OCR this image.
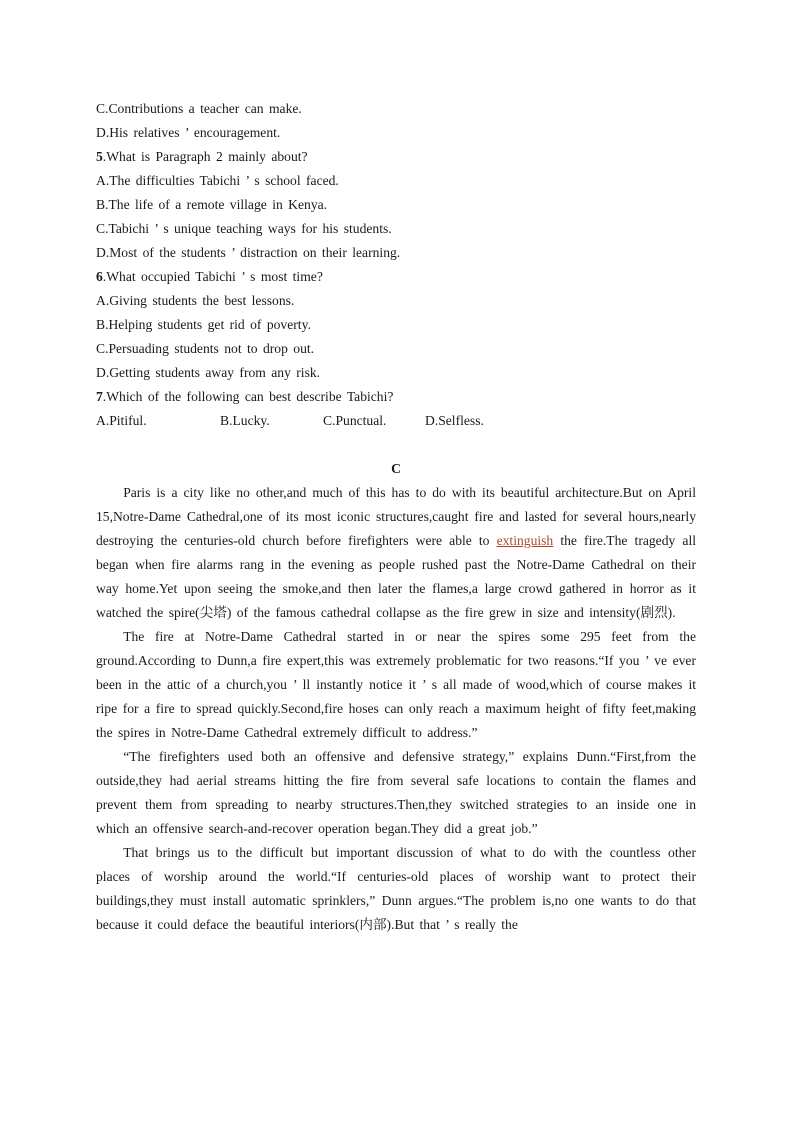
C.Contributions a teacher can make.
D.His relatives ’ encouragement.
5.What is Paragraph 2 mainly about?
A.The difficulties Tabichi ’ s school faced.
B.The life of a remote village in Kenya.
C.Tabichi ’ s unique teaching ways for his students.
D.Most of the students ’ distraction on their learning.
6.What occupied Tabichi ’ s most time?
A.Giving students the best lessons.
B.Helping students get rid of poverty.
C.Persuading students not to drop out.
D.Getting students away from any risk.
7.Which of the following can best describe Tabichi?
A.Pitiful.	B.Lucky.	C.Punctual.	D.Selfless.
C

Paris is a city like no other,and much of this has to do with its beautiful architecture.But on April 15,Notre-Dame Cathedral,one of its most iconic structures,caught fire and lasted for several hours,nearly destroying the centuries-old church before firefighters were able to extinguish the fire.The tragedy all began when fire alarms rang in the evening as people rushed past the Notre-Dame Cathedral on their way home.Yet upon seeing the smoke,and then later the flames,a large crowd gathered in horror as it watched the spire(尖塔) of the famous cathedral collapse as the fire grew in size and intensity(剧烈).

The fire at Notre-Dame Cathedral started in or near the spires some 295 feet from the ground.According to Dunn,a fire expert,this was extremely problematic for two reasons.“If you ’ ve ever been in the attic of a church,you ’ ll instantly notice it ’ s all made of wood,which of course makes it ripe for a fire to spread quickly.Second,fire hoses can only reach a maximum height of fifty feet,making the spires in Notre-Dame Cathedral extremely difficult to address.”

“The firefighters used both an offensive and defensive strategy,” explains Dunn.“First,from the outside,they had aerial streams hitting the fire from several safe locations to contain the flames and prevent them from spreading to nearby structures.Then,they switched strategies to an inside one in which an offensive search-and-recover operation began.They did a great job.”

That brings us to the difficult but important discussion of what to do with the countless other places of worship around the world.“If centuries-old places of worship want to protect their buildings,they must install automatic sprinklers,” Dunn argues.“The problem is,no one wants to do that because it could deface the beautiful interiors(内部).But that ’ s really the
